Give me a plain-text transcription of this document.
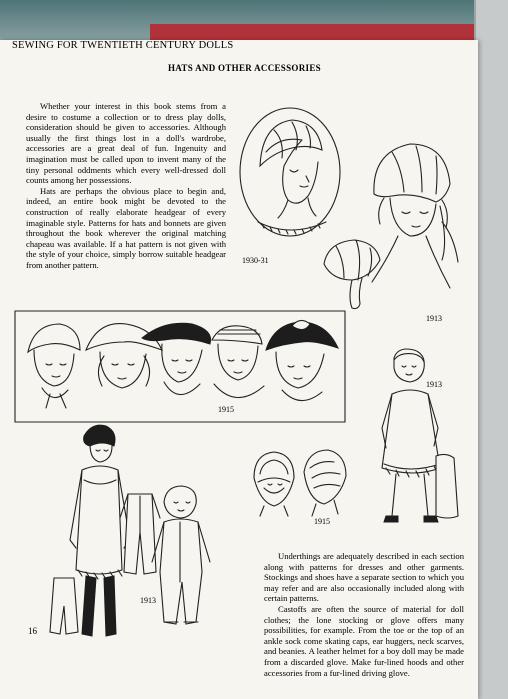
SEWING FOR TWENTIETH CENTURY DOLLS
HATS AND OTHER ACCESSORIES

Whether your interest in this book stems from a desire to costume a collection or to dress play dolls, consideration should be given to accessories. Although usually the first things lost in a doll's wardrobe, accessories are a great deal of fun. Ingenuity and imagination must be called upon to invent many of the tiny personal oddments which every well-dressed doll counts among her possessions.

Hats are perhaps the obvious place to begin and, indeed, an entire book might be devoted to the construction of really elaborate headgear of every imaginable style. Patterns for hats and bonnets are given throughout the book wherever the original matching chapeau was available. If a hat pattern is not given with the style of your choice, simply borrow suitable headgear from another pattern.	1930-31
1913
1915
1913
1915
1913

Underthings are adequately described in each section along with patterns for dresses and other garments. Stockings and shoes have a separate section to which you may refer and are also occasionally included along with certain patterns.

Castoffs are often the source of material for doll clothes; the lone stocking or glove offers many possibilities, for example. From the toe or the top of an ankle sock come skating caps, ear huggers, neck scarves, and beanies. A leather helmet for a boy doll may be made from a discarded glove. Make fur-lined hoods and other accessories from a fur-lined driving glove.

16
